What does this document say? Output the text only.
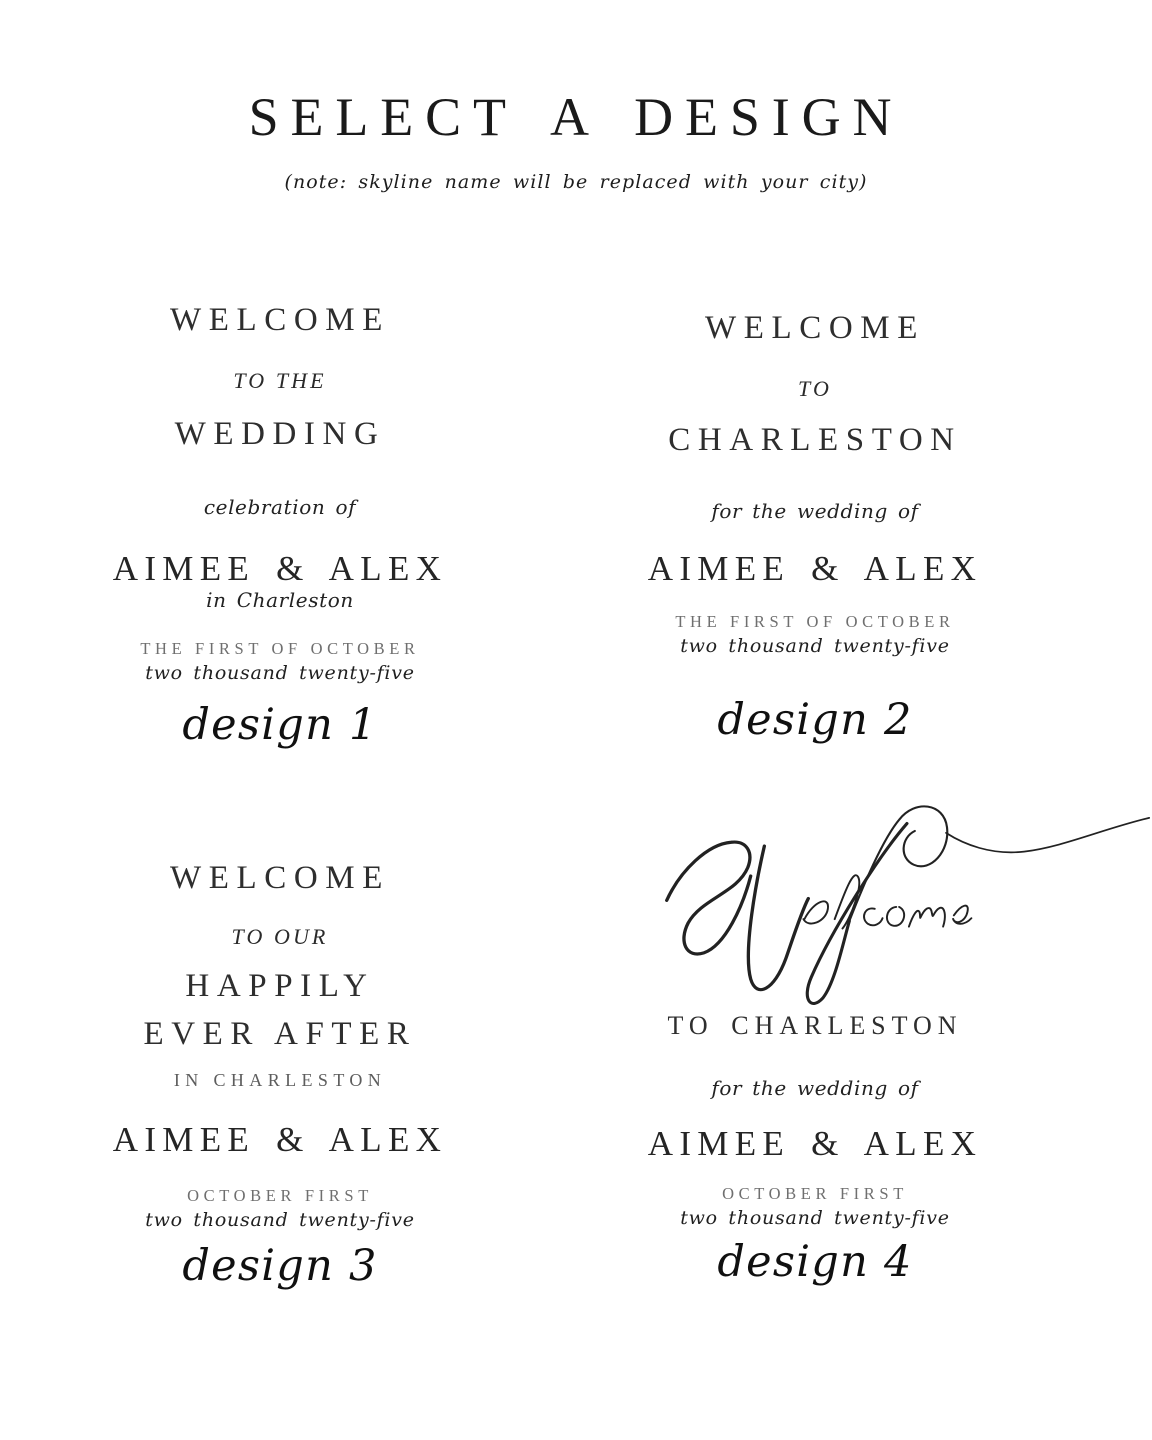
SELECT A DESIGN
(note: skyline name will be replaced with your city)
WELCOME
TO THE
WEDDING
celebration of
AIMEE & ALEX
in Charleston
THE FIRST OF OCTOBER
two thousand twenty-five
design 1
WELCOME
TO
CHARLESTON
for the wedding of
AIMEE & ALEX
THE FIRST OF OCTOBER
two thousand twenty-five
design 2
WELCOME
TO OUR
HAPPILY
EVER AFTER
IN CHARLESTON
AIMEE & ALEX
OCTOBER FIRST
two thousand twenty-five
design 3
TO CHARLESTON
for the wedding of
AIMEE & ALEX
OCTOBER FIRST
two thousand twenty-five
design 4
